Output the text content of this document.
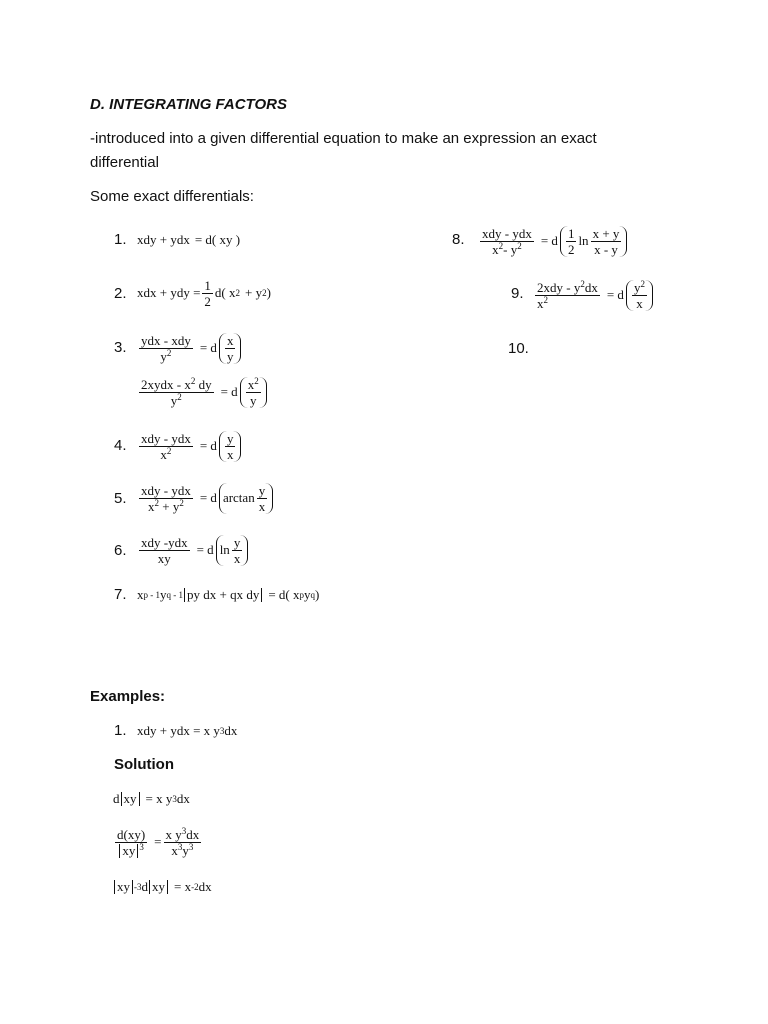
D. INTEGRATING FACTORS
-introduced into a given differential equation to make an expression an exact
differential
Some exact differentials:
1.
2.
3.
4.
5.
6.
7.
8.
9.
10.
xdy + ydx = d( xy )
xdx + ydy = $\frac{1}{2} d$( x 2 + y 2 )
$\frac{\text{ydx - xdy}}{y^2} = d \frac{x}{y}$
$\frac{2xydx - x^2 dy}{y^2} = d \frac{x^2}{y}$
$\frac{\text{xdy - ydx}}{x^2} = d \frac{y}{x}$
$\frac{\text{xdy - ydx}}{x^2 + y^2} = d$ $\arctan \frac{y}{x}$
$\frac{\text{xdy -ydx}}{xy} = d$ $\ln \frac{y}{x}$
x p - 1 y q - 1 py dx + qx dy = d( x p y q )
$\frac{\text{xdy - ydx}}{x^2- y^2} = d \frac{1}{2}$ $\ln \frac{x + y}{x - y}$
$\frac{2xdy - y^2dx}{x^2} = d \frac{y^2}{x}$
Examples:
1. xdy + ydx = x y 3 dx
Solution
d xy = x y 3 dx
$\frac{d(xy)}{xy ^3} = \frac{x y^3dx}{x^3y^3}$
xy -3 d xy = x -2 dx
